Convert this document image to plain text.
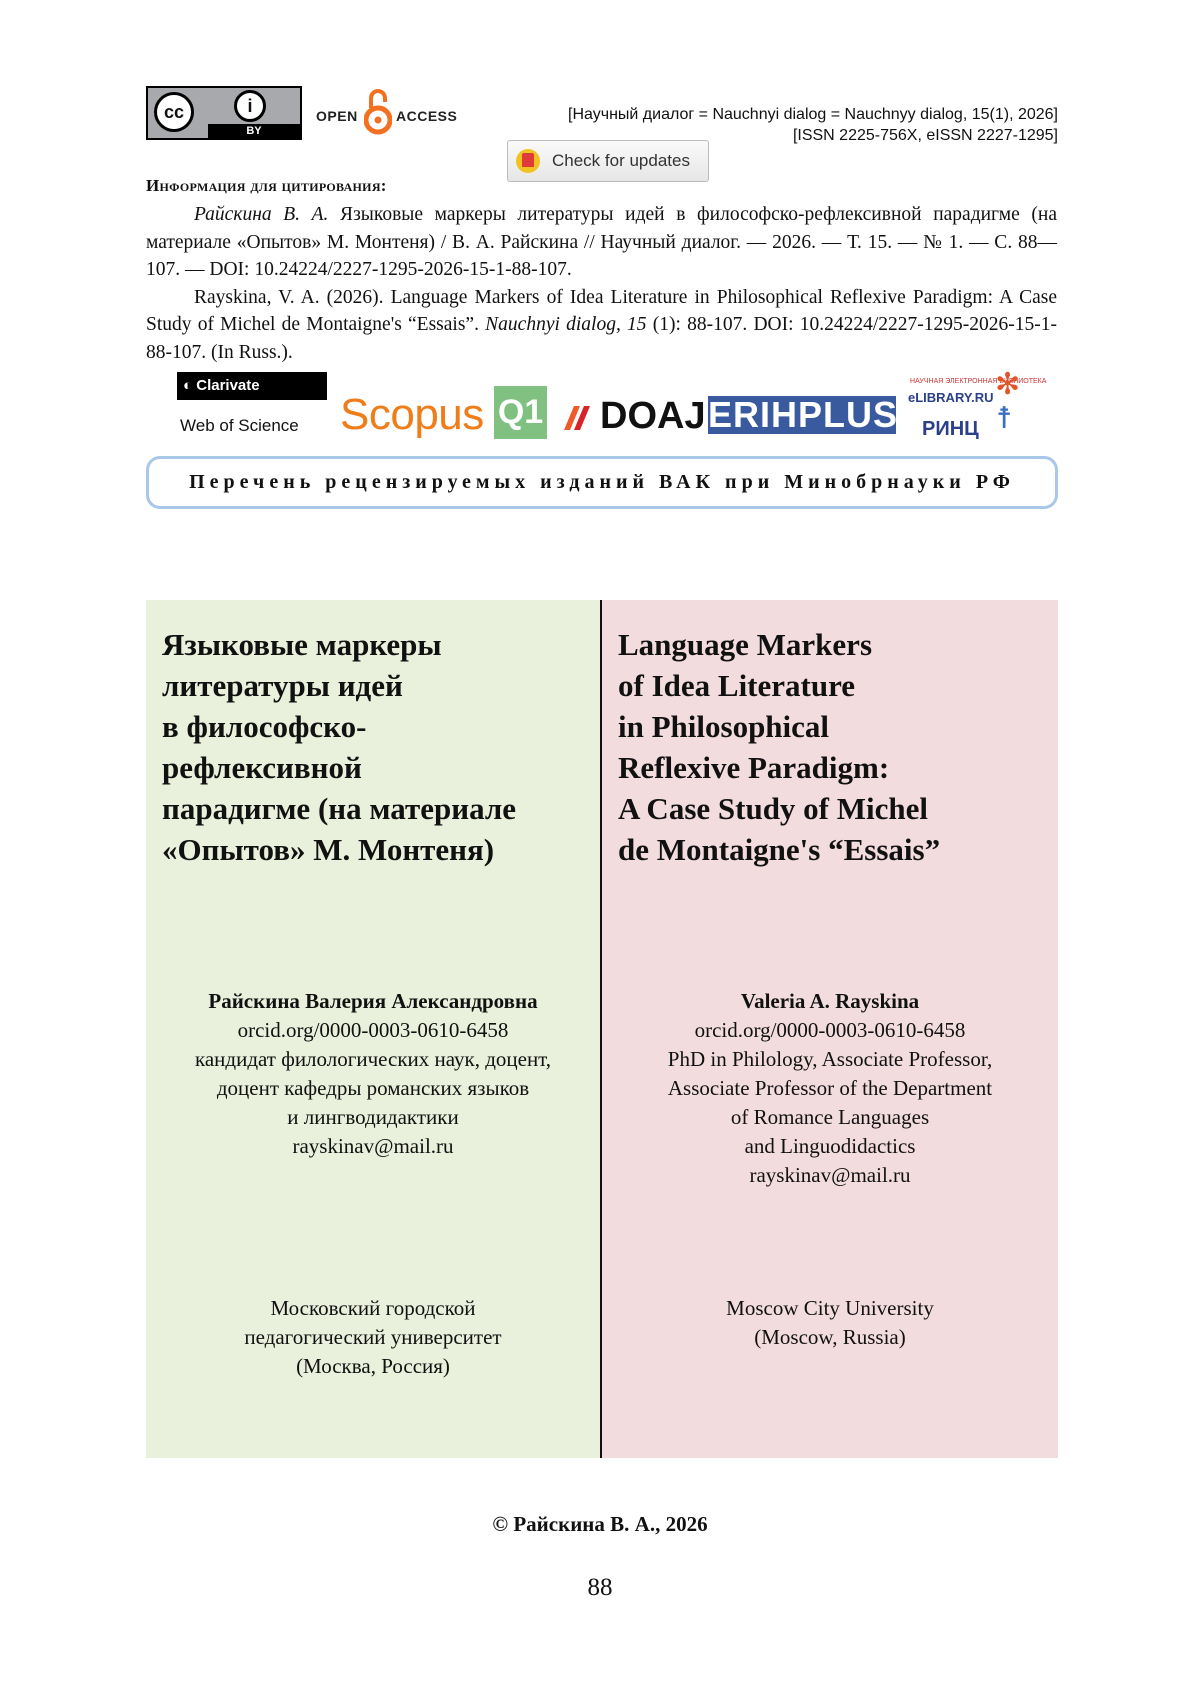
cc	i
BY
OPEN	ACCESS	[Научный диалог = Nauchnyi dialog = Nauchnyy dialog, 15(1), 2026]
[ISSN 2225-756X, eISSN 2227-1295]
Check for updates
Информация для цитирования:

Райскина В. А. Языковые маркеры литературы идей в философско-рефлексивной парадигме (на материале «Опытов» М. Монтеня) / В. А. Райскина // Научный диалог. — 2026. — Т. 15. — № 1. — С. 88—107. — DOI: 10.24224/2227-1295-2026-15-1-88-107.

Rayskina, V. A. (2026). Language Markers of Idea Literature in Philosophical Reflexive Paradigm: A Case Study of Michel de Montaigne's “Essais”. Nauchnyi dialog, 15 (1): 88-107. DOI: 10.24224/2227-1295-2026-15-1-88-107. (In Russ.).

◐ Clarivate
Web of Science Scopus Q1 DOAJ ERIHPLUS
НАУЧНАЯ ЭЛЕКТРОННАЯ БИБЛИОТЕКА
eLIBRARY.RU
РИНЦ
✻
☨
Перечень рецензируемых изданий ВАК при Минобрнауки РФ
Языковые маркеры
литературы идей
в философско-
рефлексивной
парадигме (на материале
«Опытов» М. Монтеня)
Райскина Валерия Александровна
orcid.org/0000-0003-0610-6458
кандидат филологических наук, доцент,
доцент кафедры романских языков
и лингводидактики
rayskinav@mail.ru
Московский городской
педагогический университет
(Москва, Россия)
Language Markers
of Idea Literature
in Philosophical
Reflexive Paradigm:
A Case Study of Michel
de Montaigne's “Essais”
Valeria A. Rayskina
orcid.org/0000-0003-0610-6458
PhD in Philology, Associate Professor,
Associate Professor of the Department
of Romance Languages
and Linguodidactics
rayskinav@mail.ru
Moscow City University
(Moscow, Russia)
© Райскина В. А., 2026
88
